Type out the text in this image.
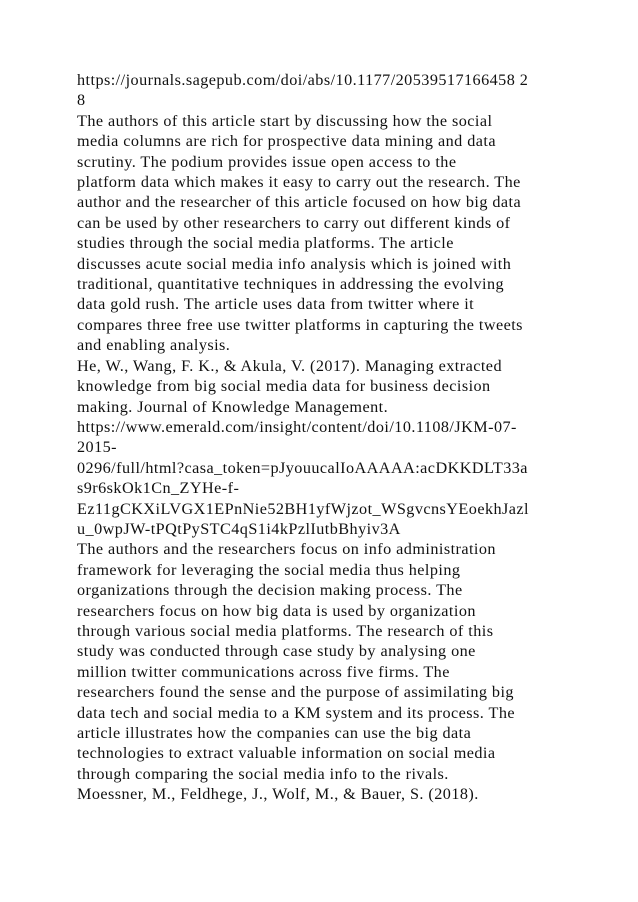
https://journals.sagepub.com/doi/abs/10.1177/20539517166458 2
8
The authors of this article start by discussing how the social
media columns are rich for prospective data mining and data
scrutiny. The podium provides issue open access to the
platform data which makes it easy to carry out the research. The
author and the researcher of this article focused on how big data
can be used by other researchers to carry out different kinds of
studies through the social media platforms. The article
discusses acute social media info analysis which is joined with
traditional, quantitative techniques in addressing the evolving
data gold rush. The article uses data from twitter where it
compares three free use twitter platforms in capturing the tweets
and enabling analysis.
He, W., Wang, F. K., & Akula, V. (2017). Managing extracted
knowledge from big social media data for business decision
making. Journal of Knowledge Management.
https://www.emerald.com/insight/content/doi/10.1108/JKM-07-
2015-
0296/full/html?casa_token=pJyouucalIoAAAAA:acDKKDLT33a
s9r6skOk1Cn_ZYHe-f-
Ez11gCKXiLVGX1EPnNie52BH1yfWjzot_WSgvcnsYEoekhJazl
u_0wpJW-tPQtPySTC4qS1i4kPzlIutbBhyiv3A
The authors and the researchers focus on info administration
framework for leveraging the social media thus helping
organizations through the decision making process. The
researchers focus on how big data is used by organization
through various social media platforms. The research of this
study was conducted through case study by analysing one
million twitter communications across five firms. The
researchers found the sense and the purpose of assimilating big
data tech and social media to a KM system and its process. The
article illustrates how the companies can use the big data
technologies to extract valuable information on social media
through comparing the social media info to the rivals.
Moessner, M., Feldhege, J., Wolf, M., & Bauer, S. (2018).
